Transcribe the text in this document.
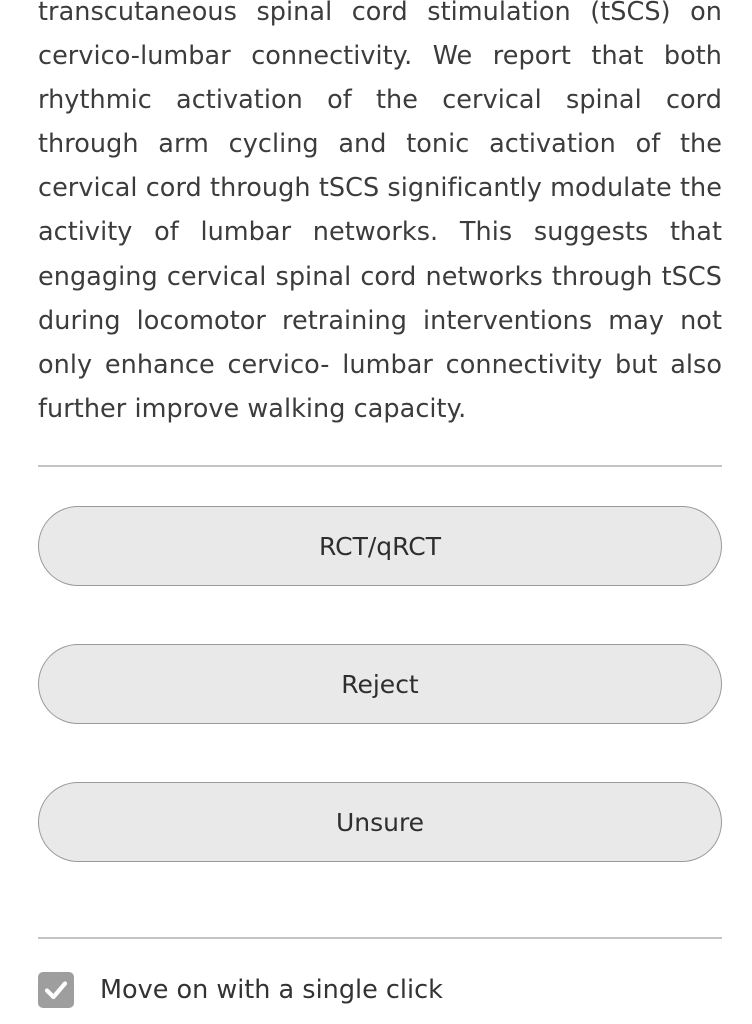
transcutaneous spinal cord stimulation (tSCS) on cervico-lumbar connectivity. We report that both rhythmic activation of the cervical spinal cord through arm cycling and tonic activation of the cervical cord through tSCS significantly modulate the activity of lumbar networks. This suggests that engaging cervical spinal cord networks through tSCS during locomotor retraining interventions may not only enhance cervico- lumbar connectivity but also further improve walking capacity.

RCT/qRCT
Reject
Unsure
Move on with a single click
